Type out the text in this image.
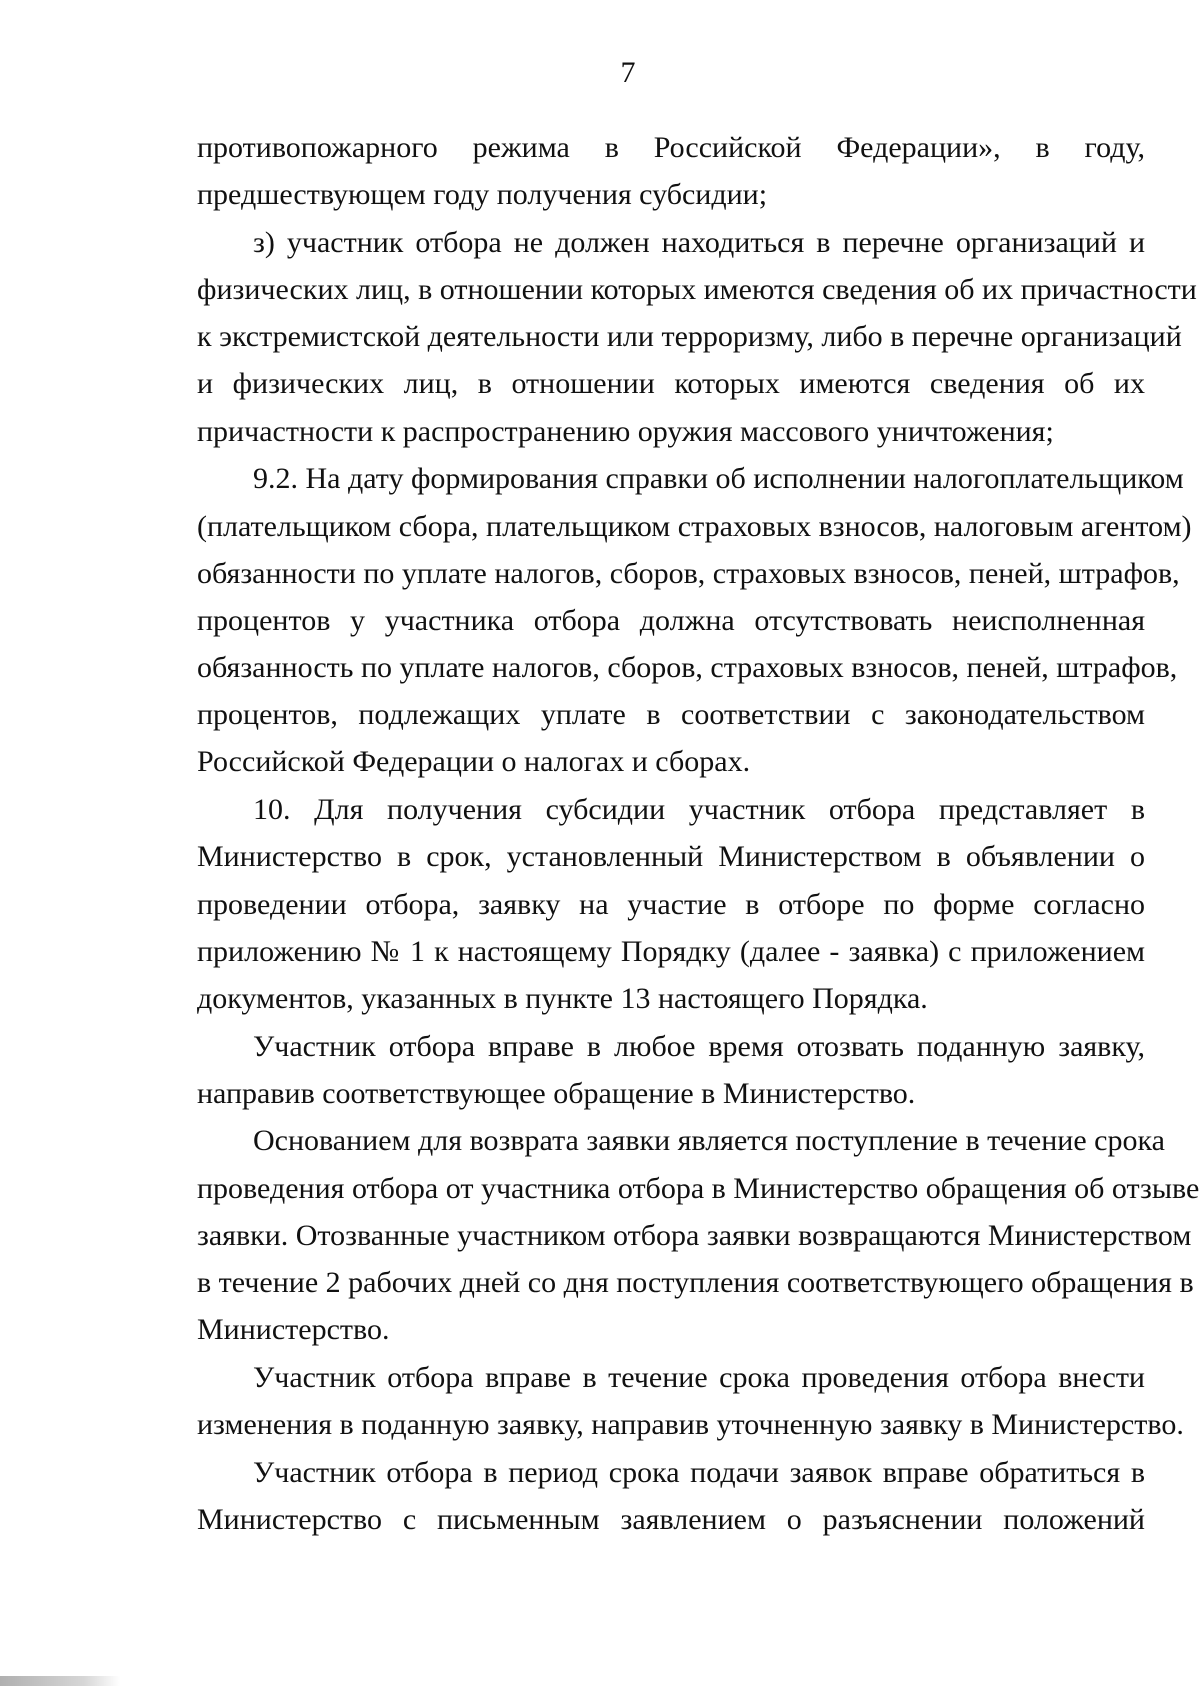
7
противопожарного режима в Российской Федерации», в году,
предшествующем году получения субсидии;
з) участник отбора не должен находиться в перечне организаций и
физических лиц, в отношении которых имеются сведения об их причастности
к экстремистской деятельности или терроризму, либо в перечне организаций
и физических лиц, в отношении которых имеются сведения об их
причастности к распространению оружия массового уничтожения;
9.2. На дату формирования справки об исполнении налогоплательщиком
(плательщиком сбора, плательщиком страховых взносов, налоговым агентом)
обязанности по уплате налогов, сборов, страховых взносов, пеней, штрафов,
процентов у участника отбора должна отсутствовать неисполненная
обязанность по уплате налогов, сборов, страховых взносов, пеней, штрафов,
процентов, подлежащих уплате в соответствии с законодательством
Российской Федерации о налогах и сборах.
10. Для получения субсидии участник отбора представляет в
Министерство в срок, установленный Министерством в объявлении о
проведении отбора, заявку на участие в отборе по форме согласно
приложению № 1 к настоящему Порядку (далее - заявка) с приложением
документов, указанных в пункте 13 настоящего Порядка.
Участник отбора вправе в любое время отозвать поданную заявку,
направив соответствующее обращение в Министерство.
Основанием для возврата заявки является поступление в течение срока
проведения отбора от участника отбора в Министерство обращения об отзыве
заявки. Отозванные участником отбора заявки возвращаются Министерством
в течение 2 рабочих дней со дня поступления соответствующего обращения в
Министерство.
Участник отбора вправе в течение срока проведения отбора внести
изменения в поданную заявку, направив уточненную заявку в Министерство.
Участник отбора в период срока подачи заявок вправе обратиться в
Министерство с письменным заявлением о разъяснении положений
